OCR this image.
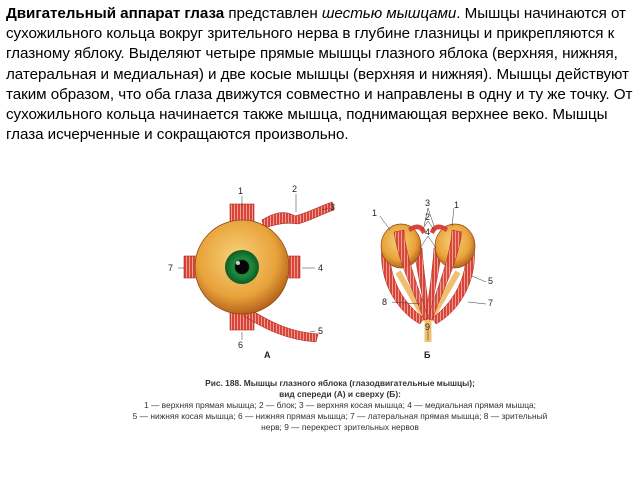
Двигательный аппарат глаза представлен шестью мышцами. Мышцы начинаются от сухожильного кольца вокруг зрительного нерва в глубине глазницы и прикрепляются к глазному яблоку. Выделяют четыре прямые мышцы глазного яблока (верхняя, нижняя, латеральная и медиальная) и две косые мышцы (верхняя и нижняя). Мышцы действуют таким образом, что оба глаза движутся совместно и направлены в одну и ту же точку. От сухожильного кольца начинается также мышца, поднимающая верхнее веко. Мышцы глаза исчерченные и сокращаются произвольно.
1	2
3
4
5
6
7
А
3
1
1
2
4
5
7
8
9
Б
Рис. 188. Мышцы глазного яблока (глазодвигательные мышцы);
вид спереди (А) и сверху (Б):
1 — верхняя прямая мышца; 2 — блок; 3 — верхняя косая мышца; 4 — медиальная прямая мышца;
5 — нижняя косая мышца; 6 — нижняя прямая мышца; 7 — латеральная прямая мышца; 8 — зрительный
нерв; 9 — перекрест зрительных нервов
